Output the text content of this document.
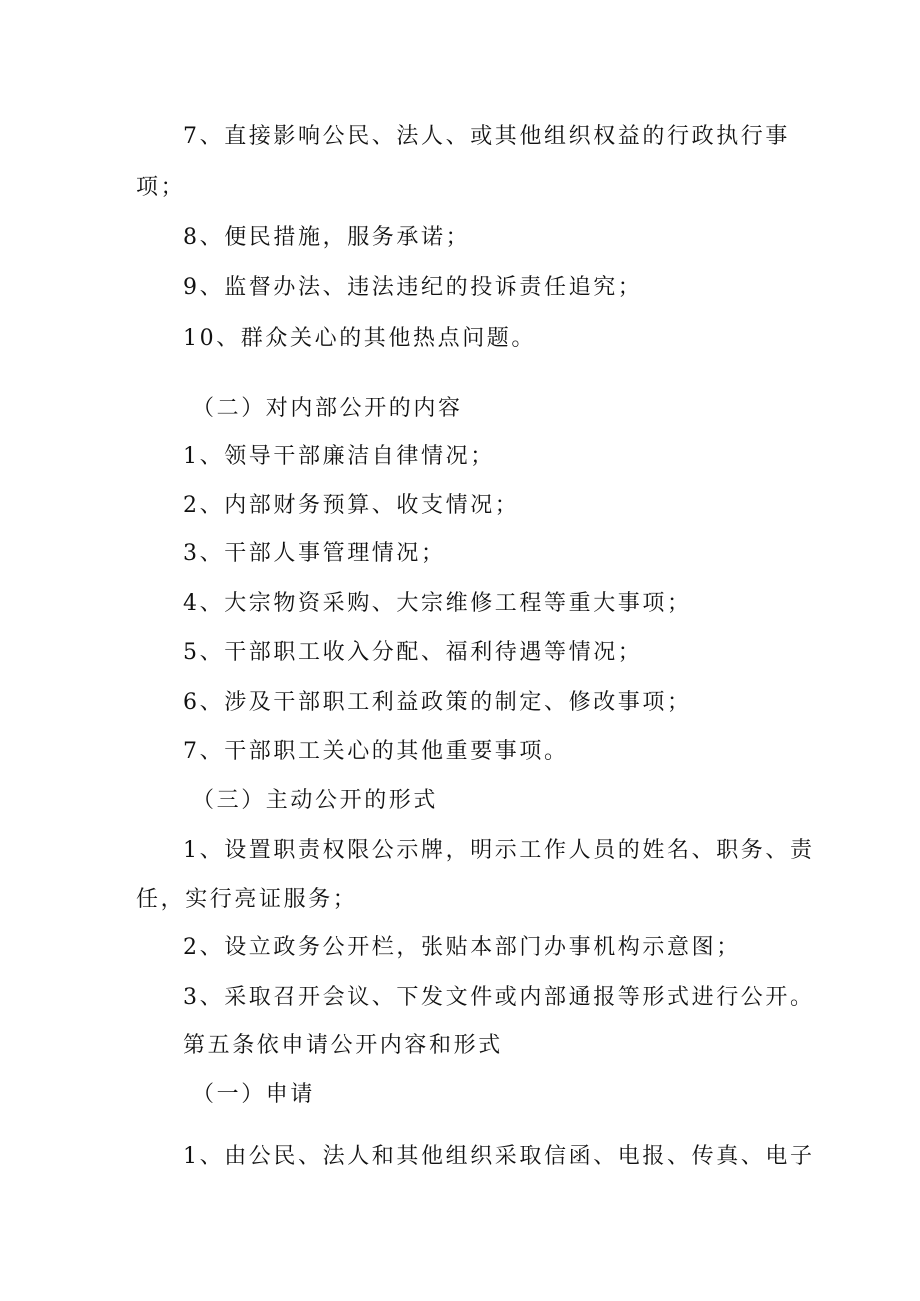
7、直接影响公民、法人、或其他组织权益的行政执行事
项；
8、便民措施，服务承诺；
9、监督办法、违法违纪的投诉责任追究；
10、群众关心的其他热点问题。
（二）对内部公开的内容
1、领导干部廉洁自律情况；
2、内部财务预算、收支情况；
3、干部人事管理情况；
4、大宗物资采购、大宗维修工程等重大事项；
5、干部职工收入分配、福利待遇等情况；
6、涉及干部职工利益政策的制定、修改事项；
7、干部职工关心的其他重要事项。
（三）主动公开的形式
1、设置职责权限公示牌，明示工作人员的姓名、职务、责
任，实行亮证服务；
2、设立政务公开栏，张贴本部门办事机构示意图；
3、采取召开会议、下发文件或内部通报等形式进行公开。
第五条依申请公开内容和形式
（一）申请
1、由公民、法人和其他组织采取信函、电报、传真、电子
